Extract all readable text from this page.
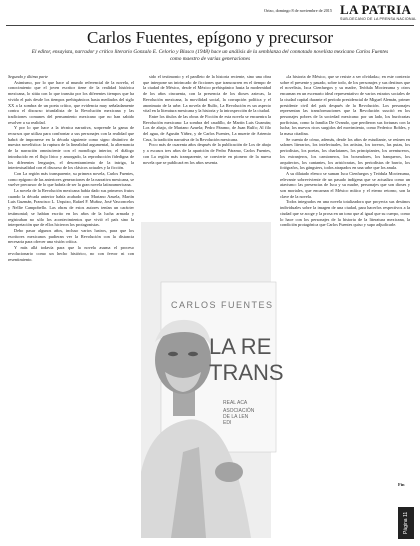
Orizo, domingo 8 de noviembre de 2015 LA PATRIA
SUB-DECANO DE LA PRENSA NACIONAL
Carlos Fuentes, epígono y precursor
El editor, ensayista, narrador y crítico literario Gonzalo E. Celorio y Blasco (1948) hace un análisis de la semblanza del connotado novelista mexicano Carlos Fuentes como maestro de varias generaciones

Segunda y última parte

Asimismo, por lo que hace al mundo referencial de la novela, el conocimiento que el joven escritor tiene de la realidad histórica mexicana, lo sitúa con lo que transita por los diferentes tiempos que ha vivido el país desde los tiempos prehispánicos hasta mediados del siglo XX a la sombra de un poeta crítico, que evidencia muy señaladamente contra el discurso triunfalista de la Revolución mexicana y las tradiciones comunes del pensamiento mexicano que no han sabido resolver a su realidad.

Y por lo que hace a la técnica narrativa, sorprende la gama de recursos que utiliza para confrontar a sus personajes con la realidad que habrá de imponerse en la década siguiente como signo distintivo de nuestra novelística: la ruptura de la linealidad argumental, la alternancia de la narración omnisciente con el monólogo interior, el diálogo introducido en el flujo lírico y amorgado, la reproducción fidedigna de los diferentes lenguajes, el descentramiento de la intriga, la intertextualidad con el discurso de los clásicos actuales y la ficción.

Con La región más transparente, su primera novela, Carlos Fuentes, como epígono de las anteriores generaciones de la narrativa mexicana, se vuelve precursor de lo que habría de ser la gran novela latinoamericana.

La novela de la Revolución mexicana había dado sus primeros frutos cuando la década anterior había acabado con Mariano Azuela, Martín Luis Guzmán, Francisco L. Urquizo, Rafael F. Muñoz, José Vasconcelos y Nellie Campobello. Las obras de estos autores tenían un carácter testimonial; se habían escrito en los años de la lucha armada y registraban no sólo los acontecimientos que vivió el país sino la interpretación que de ellos hicieron los protagonistas.

Debo pasar algunos años, incluso varios lustros, para que los escritores mexicanos pudieran ver la Revolución con la distancia necesaria para ofrecer una visión crítica.

Y más allá todavía para que la novela asuma el proceso revolucionario como un hecho histórico, no con fervor ni con resentimiento.

sido el testimonio y el panfleto de la historia reciente, sino una obra que interpone un intrincado de ficciones que transcurren en el tiempo de la ciudad de México, desde el México prehispánico hasta la modernidad de los años cincuenta, con la presencia de los dioses aztecas, la Revolución mexicana, la movilidad social, la corrupción política y el anonimato de la urbe. La novela de Rulfo, La Revolución es un aspecto vital en la literatura mexicana y la historia y la introspección de la ciudad.

Entre los títulos de las obras de Ficción de esta novela se encuentra la Revolución mexicana: La sombra del caudillo, de Martín Luis Guzmán; Los de abajo, de Mariano Azuela; Pedro Páramo, de Juan Rulfo; Al filo del agua, de Agustín Yáñez, y de Carlos Fuentes, La muerte de Artemio Cruz, la tradición narrativa de la Revolución mexicana.

Poco más de cuarenta años después de la publicación de Los de abajo y a escasos tres años de la aparición de Pedro Páramo, Carlos Fuentes, con La región más transparente, se convierte en pionero de la nueva novela que se publicará en los años sesenta.

«la historia de México, que se resiste a ser olvidada»; en este contexto sobre el presente y pasado, sobre todo, de los personajes y sus destinos que el novelista, Ixca Cienfuegos y su madre, Teódula Moctezuma y otros encarnan en un escenario ideal representativo de varios estratos sociales de la ciudad capital durante el período presidencial de Miguel Alemán, primer presidente civil del país después de la Revolución. Los personajes representan las transformaciones que la Revolución suscitó en los personajes pobres de la sociedad mexicana: por un lado, los burócratas porfiristas, como la familia De Ovando, que perdieron sus fortunas con la lucha; los nuevos ricos surgidos del movimiento, como Federico Robles, y la masa citadina.

Se cuenta de cómo, además, desde los años de estudiante, se reúnen en salones literarios, los intelectuales, los artistas, los toreros, las putas, los periodistas, los poetas, los charlatanes, los principiantes, los aventureros, los extranjeros, los camioneros, los boxeadores, los banqueros, los arquitectos, los cantantes, los aristócratas, los periodistas de barrio, los fotógrafos, los gángsters, todos atrapados en una urbe que los anula.

A su dilatado elenco se suman Ixca Cienfuegos y Teódula Moctezuma, relevante sobreviviente de un pasado indígena que se actualiza como un atavismo: las presencias de Ixca y su madre, personajes que son dioses y son mortales, que encarnan el México mítico y el eterno retorno, son la clave de la novela.

Todos integrados en una novela totalizadora que proyecta sus destinos individuales sobre la imagen de una ciudad, para hacerlos respectivos a la ciudad que se acoge y la prosa en un tono que al igual que su cuerpo, como lo hace con los personajes de la historia de la literatura mexicana, la condición protagónica que Carlos Fuentes quiso y supo adjudicarle.

CARLOS FUENTES
LA RE
TRANS
REAL ACA
ASOCIACIÓN
DE LA LEN
EDI
Fin
Página 11
